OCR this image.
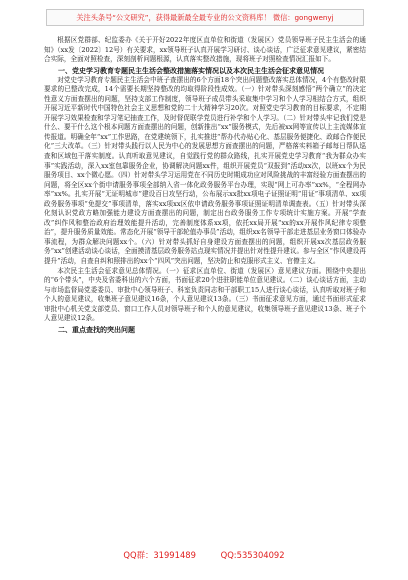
关注头条号“公文研究”，获得最新最全最专业的公文资料库！ 微信：gongwenyj

根据区党群部、纪监委办《关于开好2022年度区直单位和街道（发展区）党员领导班子民主生活会的通知》（xx发〔2022〕12号）有关要求，xx领导班子认真开展学习研讨、谈心谈话，广泛征求意见建议，紧密结合实际，全面对照检查，深刻剖析问题根源，认真落实整改措施，现将班子对照检查情况汇报如下。

一、党史学习教育专题民主生活会整改措施落实情况以及本次民主生活会征求意见情况

对党史学习教育专题民主生活会中班子查摆出的6个方面18个突出问题整改落实总体情况，4个有整改时限要求的已整改完成，14个需要长期坚持整改的均取得阶段性成效。（一）针对带头深刻感悟“两个确立”的决定性意义方面查摆出的问题，坚持支部工作制度，领导班子成员带头采取集中学习和个人学习相结合方式，组织开展习近平新时代中国特色社会主义思想和党的二十大精神学习20次。对照党史学习教育的目标要求，不定期开展学习效果检查和学习笔记抽查工作，及时督促联学党员进行补学和个人学习。（二）针对带头牢记我们党是什么、要干什么这个根本问题方面查摆出的问题，创新推出“xx”服务模式，先后被xx网等宣传以上主流媒体宣传报道。明确全年“xx”工作思路，在党建统领下，扎实推进“帮办代办贴心化、基层服务便捷化、政邮合作便民化”三大改革。（三）针对带头践行以人民为中心的发展思想方面查摆出的问题，严格落实料箱子邮每日帮队巡查和区域包干落实制度。认真听取意见建议，自觉践行党的群众路线，扎实开展党史学习教育“我为群众办实事”实践活动，深入xx室包靠服务企业，协调解决问题xx件，组织开展党员“双报到”活动xx次，以班xx个为民服务项目、xx个微心愿。（四）针对带头学习运用党在不同历史时期成功应对风险挑战的丰富经验方面查摆出的问题，将全区xx个街申请服务事项全部纳入省一体化政务服务平台办理，实现“网上可办率”xx%，“全程网办率”xx%。扎实开展“无证明城市”建设百日攻坚行动，公布展示xx批xx项电子证照证明“用证”事项清单、xx项政务服务事项“免提交”事项清单，落实xx项xx区依申请政务服务事项证照证明清单调查表。（五）针对带头深化刻认识党政方略加强能力建设方面查摆出的问题，制定出台政务服务工作专项统计实施方案。开展“学查改”纠作风和整治政府治理效能提升活动，完善制度体系xx项，依托xx局开展“xx的xx开展作风纪律专项整治”，提升服务质量效能。常态化开展“领导干部轮值办事员”活动，组织xx名领导干部走进基层业务窗口体验办事流程，为群众解决问题xx个。（六）针对带头抓好自身建设方面查摆出的问题，组织开展xx次基层政务服务“xx”创建活动谈心谈话，全面摸清基层政务服务站点现实情况并提出针对性提升建议。参与全区“作风建设再提升”活动，自查自纠和照排出的xx个“四风”突出问题，坚决防止和克服形式主义、官僚主义。

本次民主生活会征求意见总体情况。（一）征求区直单位、街道（发展区）意见建议方面。围绕中央提出的“6个带头”，中央及省委科出的六个方面，书面征求20个进驻职能单位意见建议。（二）谈心谈话方面，主动与市场监督局党委委员、审批中心领导班子、科室负责同志和干部职工15人进行谈心谈话，认真听取对班子和个人的意见建议，收集班子意见建议16条，个人意见建议13条。（三）书面征求意见方面，通过书面形式征求审批中心机关党支部党员、窗口工作人员对领导班子和个人的意见建议，收集领导班子意见建议13条、班子个人意见建议12条。

二、重点查找的突出问题

QQ群：31991489	QQ:535304092
